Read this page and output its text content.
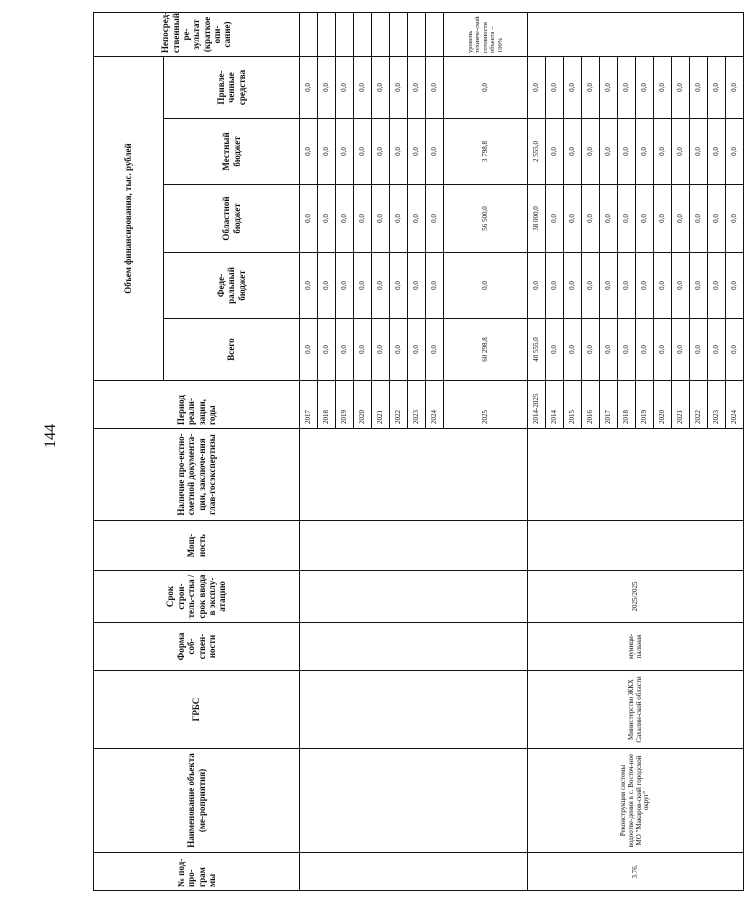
144
№ под-про-грам мы	Наименование объекта (ме-роприятия)	ГРБС	Форма соб-ствен-ности	Срок строи-тель-ства / срок ввода в эксплу-атацию	Мощ-ность	Наличие про-ектно-сметной документа-ции, заключе-ния глав-госэкспертизы	Период реали-зации, годы	Объем финансирования, тыс. рублей					Непосред-ственный ре-зультат (краткое опи-сание)
								Всего	Феде-ральный бюджет	Областной бюджет	Местный бюджет	Привле-ченные средства	
							2017	0,0	0,0	0,0	0,0	0,0	
							2018	0,0	0,0	0,0	0,0	0,0	
							2019	0,0	0,0	0,0	0,0	0,0	
							2020	0,0	0,0	0,0	0,0	0,0	
							2021	0,0	0,0	0,0	0,0	0,0	
							2022	0,0	0,0	0,0	0,0	0,0	
							2023	0,0	0,0	0,0	0,0	0,0	
							2024	0,0	0,0	0,0	0,0	0,0	
							2025	60 298,8	0,0	56 500,0	3 798,8	0,0	уровень техниче-ской готовности объекта – 100%
3.76.	Реконструкция системы водоотве-дения в с. Восточ-ное МО "Макаров-ский городской округ"	Министерство ЖКХ Сахалин-ской области	муници-пальная	2025/2025			2014-2025	40 555,0	0,0	38 000,0	2 555,0	0,0	
							2014	0,0	0,0	0,0	0,0	0,0	
							2015	0,0	0,0	0,0	0,0	0,0	
							2016	0,0	0,0	0,0	0,0	0,0	
							2017	0,0	0,0	0,0	0,0	0,0	
							2018	0,0	0,0	0,0	0,0	0,0	
							2019	0,0	0,0	0,0	0,0	0,0	
							2020	0,0	0,0	0,0	0,0	0,0	
							2021	0,0	0,0	0,0	0,0	0,0	
							2022	0,0	0,0	0,0	0,0	0,0	
							2023	0,0	0,0	0,0	0,0	0,0	
							2024	0,0	0,0	0,0	0,0	0,0	
